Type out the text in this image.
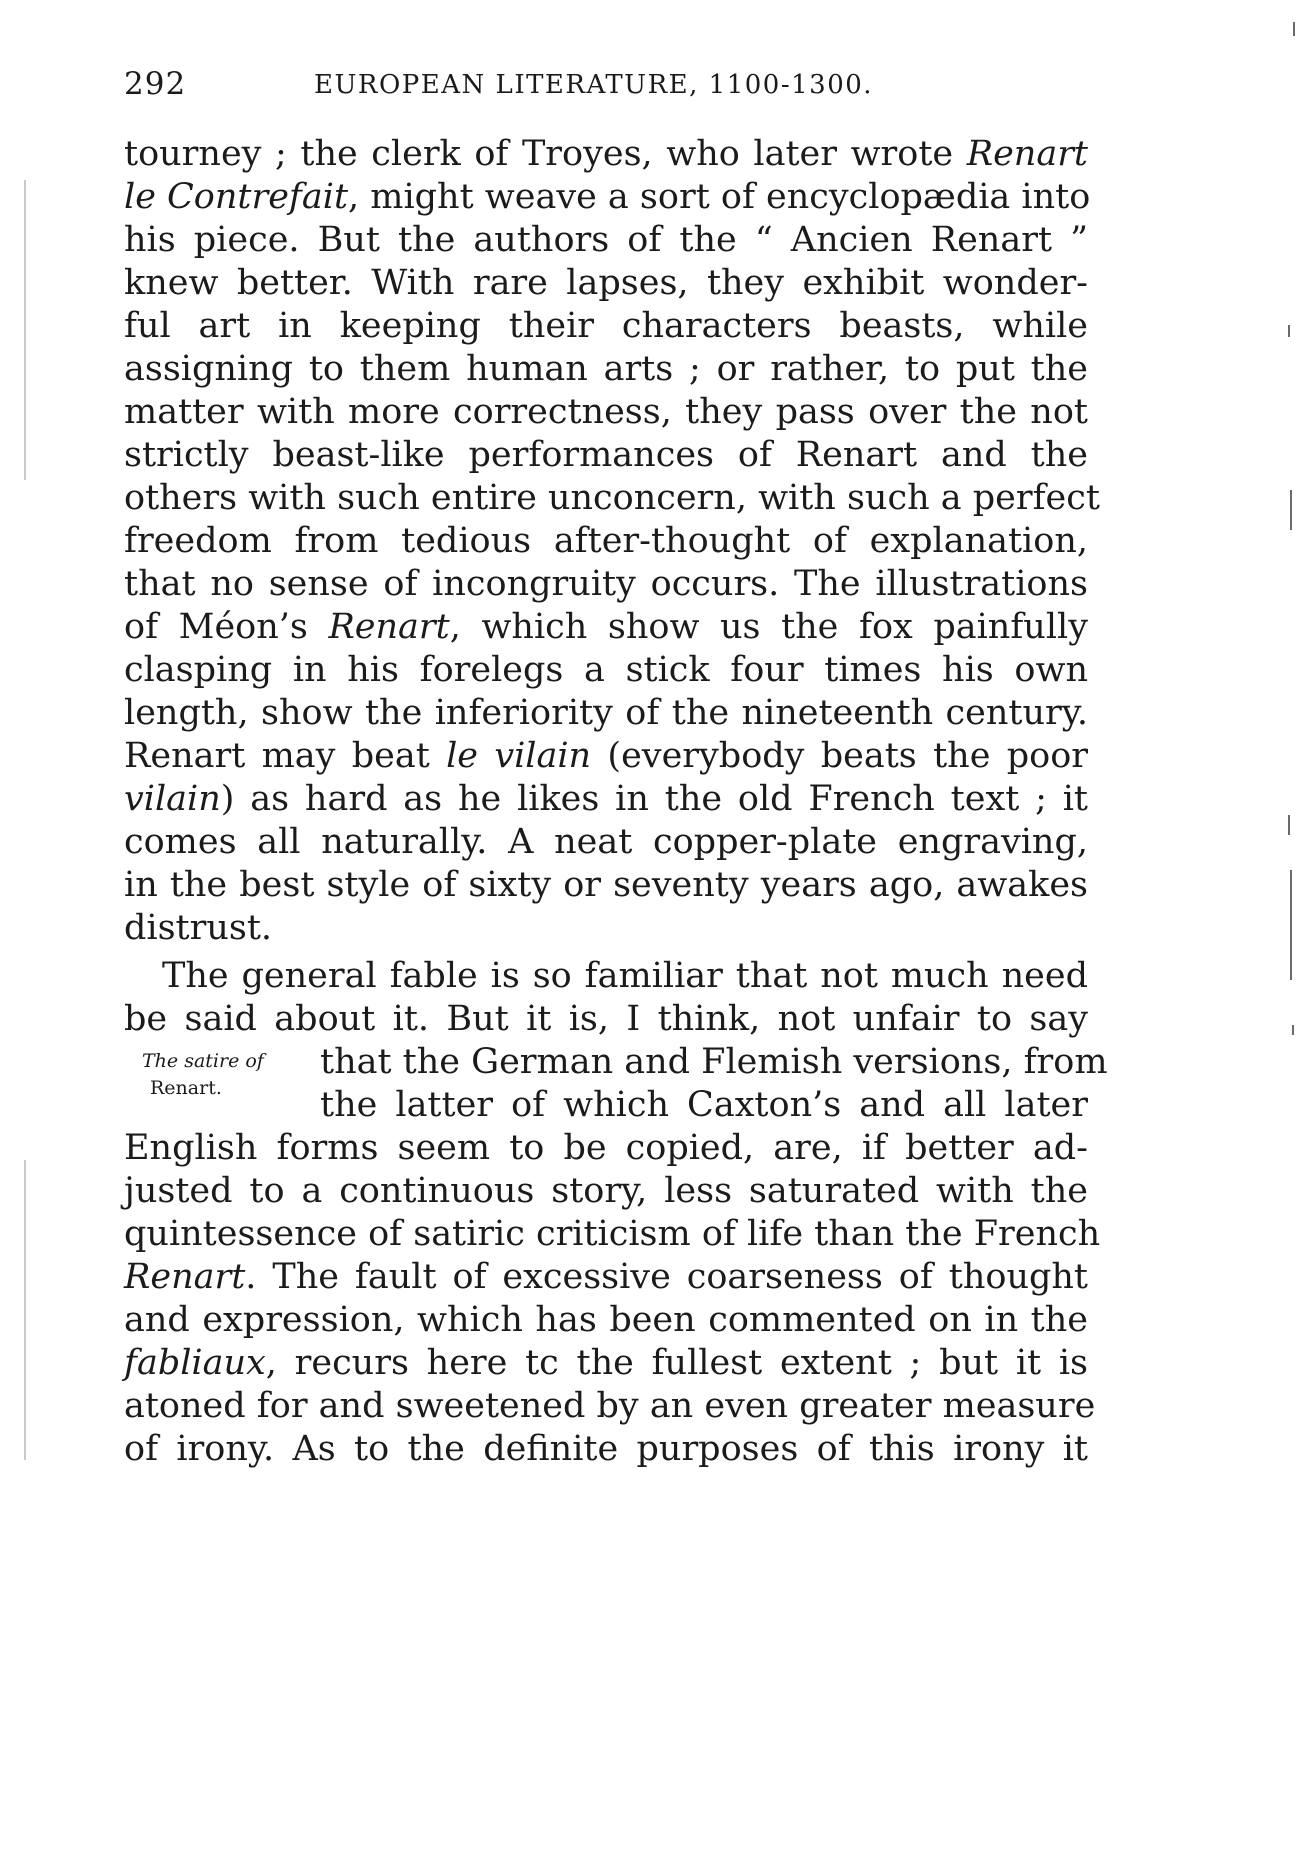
292	EUROPEAN LITERATURE, 1100-1300.
tourney ; the clerk of Troyes, who later wrote Renart
le Contrefait, might weave a sort of encyclopædia into
his piece. But the authors of the “ Ancien Renart ”
knew better. With rare lapses, they exhibit wonder-
ful art in keeping their characters beasts, while
assigning to them human arts ; or rather, to put the
matter with more correctness, they pass over the not
strictly beast-like performances of Renart and the
others with such entire unconcern, with such a perfect
freedom from tedious after-thought of explanation,
that no sense of incongruity occurs. The illustrations
of Méon’s Renart, which show us the fox painfully
clasping in his forelegs a stick four times his own
length, show the inferiority of the nineteenth century.
Renart may beat le vilain (everybody beats the poor
vilain) as hard as he likes in the old French text ; it
comes all naturally. A neat copper-plate engraving,
in the best style of sixty or seventy years ago, awakes
distrust.
The general fable is so familiar that not much need
be said about it. But it is, I think, not unfair to say
that the German and Flemish versions, from
the latter of which Caxton’s and all later
English forms seem to be copied, are, if better ad-
justed to a continuous story, less saturated with the
quintessence of satiric criticism of life than the French
Renart. The fault of excessive coarseness of thought
and expression, which has been commented on in the
fabliaux, recurs here tc the fullest extent ; but it is
atoned for and sweetened by an even greater measure
of irony. As to the definite purposes of this irony it
The satire of
Renart.
